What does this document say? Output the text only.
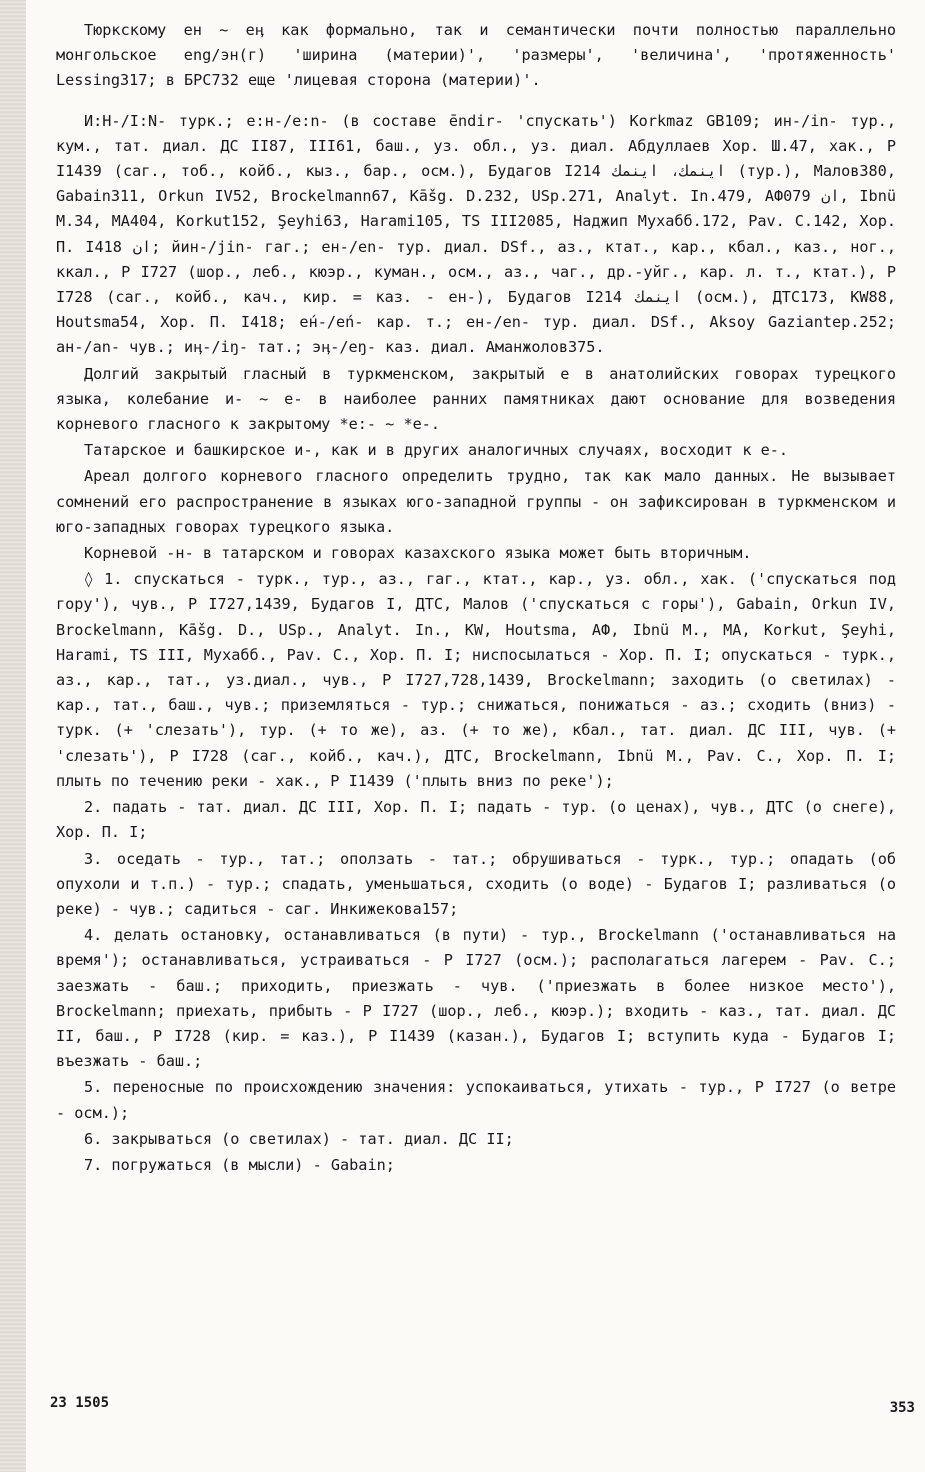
Тюркскому ен ~ еӊ как формально, так и семантически почти полностью параллельно монгольское eng/эн(г) 'ширина (материи)', 'размеры', 'величина', 'протяженность' Lessing317; в БРС732 еще 'лицевая сторона (материи)'.

И:Н-/I:N- турк.; е:н-/е:n- (в составе ēndir- 'спускать') Korkmaz GB109; ин-/in- тур., кум., тат. диал. ДС II87, III61, баш., уз. обл., уз. диал. Абдуллаев Хор. Ш.47, хак., Р I1439 (саг., тоб., койб., кыз., бар., осм.), Будагов I214 اينمك، اينمك (тур.), Малов380, Gabain311, Orkun IV52, Brockelmann67, Kāšg. D.232, USp.271, Analyt. In.479, АФ079 ان, Ibnü M.34, МА404, Korkut152, Şeyhi63, Harami105, TS III2085, Наджип Мухабб.172, Pav. C.142, Хор. П. I418 ان; йин-/jin- гаг.; ен-/en- тур. диал. DSf., аз., ктат., кар., кбал., каз., ног., ккал., Р I727 (шор., леб., кюэр., куман., осм., аз., чаг., др.-уйг., кар. л. т., ктат.), Р I728 (саг., койб., кач., кир. = каз. - ен-), Будагов I214 اينمك (осм.), ДТС173, KW88, Houtsma54, Хор. П. I418; ен́-/eń- кар. т.; ен-/en- тур. диал. DSf., Aksoy Gaziantep.252; ан-/an- чув.; иӊ-/iŋ- тат.; эӊ-/eŋ- каз. диал. Аманжолов375.

Долгий закрытый гласный в туркменском, закрытый е в анатолийских говорах турецкого языка, колебание и- ~ е- в наиболее ранних памятниках дают основание для возведения корневого гласного к закрытому *е:- ~ *е-.

Татарское и башкирское и-, как и в других аналогичных случаях, восходит к е-.

Ареал долгого корневого гласного определить трудно, так как мало данных. Не вызывает сомнений его распространение в языках юго-западной группы - он зафиксирован в туркменском и юго-западных говорах турецкого языка.

Корневой -н- в татарском и говорах казахского языка может быть вторичным.

◊ 1. спускаться - турк., тур., аз., гаг., ктат., кар., уз. обл., хак. ('спускаться под гору'), чув., Р I727,1439, Будагов I, ДТС, Малов ('спускаться с горы'), Gabain, Orkun IV, Brockelmann, Kāšg. D., USp., Analyt. In., KW, Houtsma, АФ, Ibnü M., МА, Korkut, Şeyhi, Harami, TS III, Мухабб., Pav. C., Хор. П. I; ниспосылаться - Хор. П. I; опускаться - турк., аз., кар., тат., уз.диал., чув., Р I727,728,1439, Brockelmann; заходить (о светилах) - кар., тат., баш., чув.; приземляться - тур.; снижаться, понижаться - аз.; сходить (вниз) - турк. (+ 'слезать'), тур. (+ то же), аз. (+ то же), кбал., тат. диал. ДС III, чув. (+ 'слезать'), Р I728 (саг., койб., кач.), ДТС, Brockelmann, Ibnü M., Pav. C., Хор. П. I; плыть по течению реки - хак., Р I1439 ('плыть вниз по реке');

2. падать - тат. диал. ДС III, Хор. П. I; падать - тур. (о ценах), чув., ДТС (о снеге), Хор. П. I;

3. оседать - тур., тат.; оползать - тат.; обрушиваться - турк., тур.; опадать (об опухоли и т.п.) - тур.; спадать, уменьшаться, сходить (о воде) - Будагов I; разливаться (о реке) - чув.; садиться - саг. Инкижекова157;

4. делать остановку, останавливаться (в пути) - тур., Brockelmann ('останавливаться на время'); останавливаться, устраиваться - Р I727 (осм.); располагаться лагерем - Pav. C.; заезжать - баш.; приходить, приезжать - чув. ('приезжать в более низкое место'), Brockelmann; приехать, прибыть - Р I727 (шор., леб., кюэр.); входить - каз., тат. диал. ДС II, баш., Р I728 (кир. = каз.), Р I1439 (казан.), Будагов I; вступить куда - Будагов I; въезжать - баш.;

5. переносные по происхождению значения: успокаиваться, утихать - тур., Р I727 (о ветре - осм.);

6. закрываться (о светилах) - тат. диал. ДС II;

7. погружаться (в мысли) - Gabain;

23 1505	353
